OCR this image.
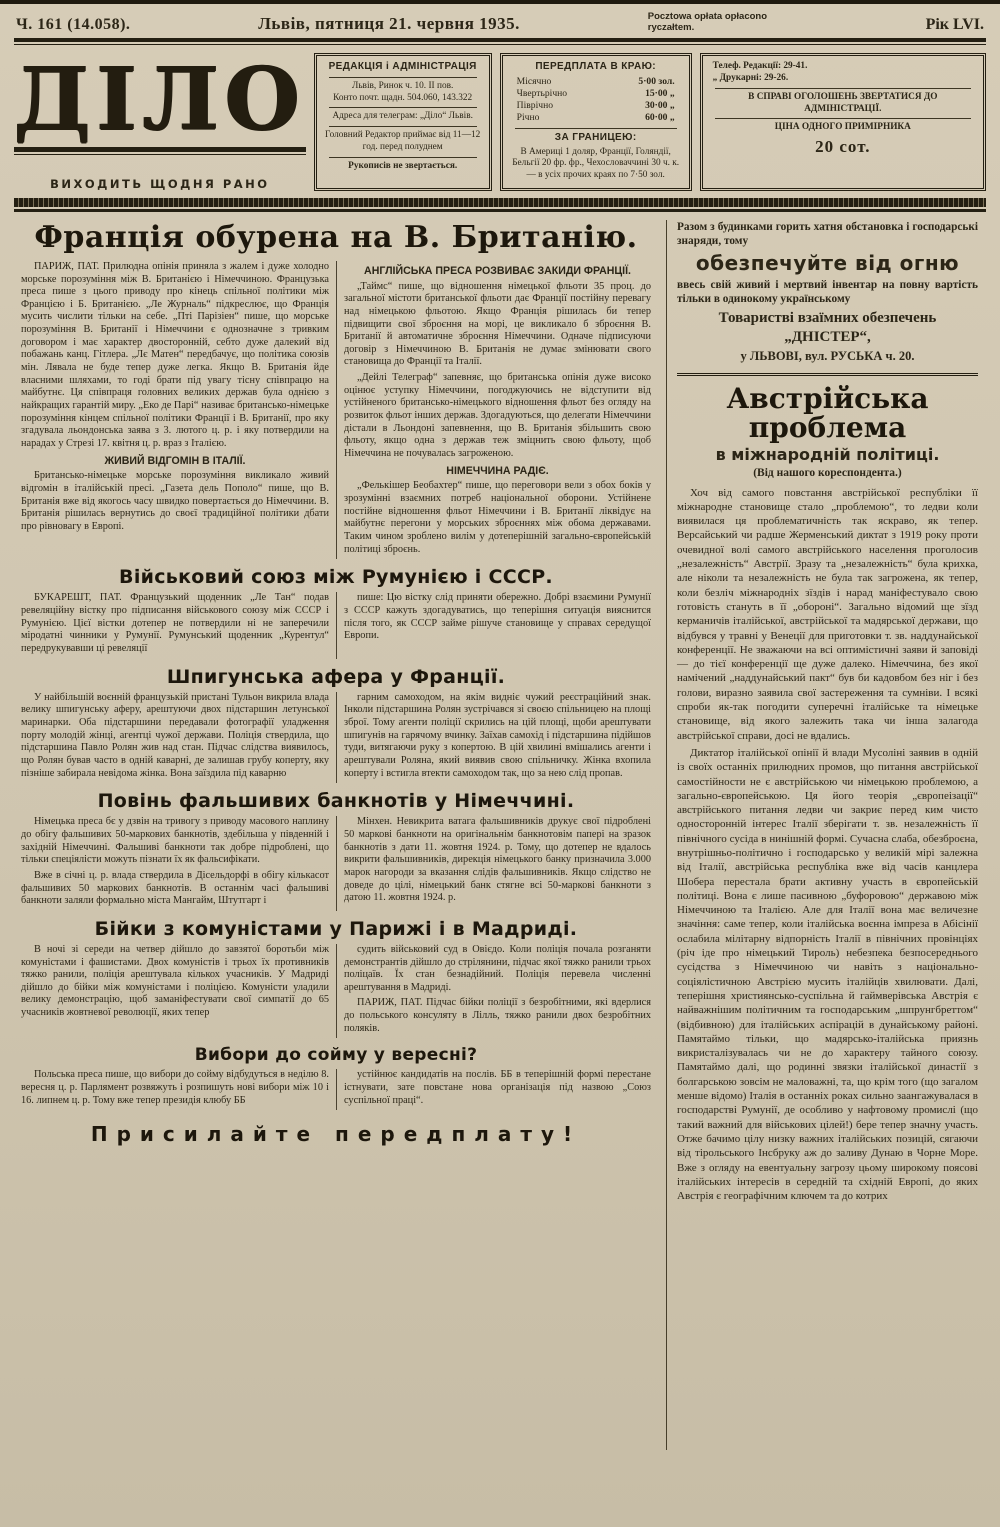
Ч. 161 (14.058).	Львів, пятниця 21. червня 1935.	Pocztowa opłata opłacono ryczałtem.	Рік LVI.
ДІЛО
ВИХОДИТЬ ЩОДНЯ РАНО
РЕДАКЦІЯ і АДМІНІСТРАЦІЯ
Львів, Ринок ч. 10. II пов.
Конто почт. щадн. 504.060, 143.322
Адреса для телеграм: „Діло“ Львів.
Головний Редактор приймає від 11—12 год. перед полуднем
Рукописів не звертається.
ПЕРЕДПЛАТА В КРАЮ:
Місячно	5·00 зол.
Чвертьрічно	15·00 „
Піврічно	30·00 „
Річно	60·00 „
ЗА ГРАНИЦЕЮ:
В Америці 1 доляр, Франції, Голяндії, Бельгії 20 фр. фр., Чехословаччині 30 ч. к. — в усіх прочих краях по 7·50 зол.
Телеф. Редакції: 29-41.
„ Друкарні: 29-26.
В СПРАВІ ОГОЛОШЕНЬ ЗВЕРТАТИСЯ ДО АДМІНІСТРАЦІЇ.
ЦІНА ОДНОГО ПРИМІРНИКА
20 сот.
Франція обурена на В. Британію.

ПАРИЖ, ПАТ. Прилюдна опінія приняла з жалем і дуже холодно морське порозуміння між В. Британією і Німеччиною. Французька преса пише з цього приводу про кінець спільної політики між Францією і Б. Британією. „Ле Журналь“ підкреслює, що Франція мусить числити тільки на себе. „Пті Парізіен“ пише, що морське порозуміння В. Британії і Німеччини є однозначне з тривким договором і має характер двосторонній, себто дуже далекий від побажань канц. Гітлера. „Лє Матен“ передбачує, що політика союзів мін. Лявала не буде тепер дуже легка. Якщо В. Британія йде власними шляхами, то годі брати під увагу тісну співпрацю на майбутнє. Ця співпраця головних великих держав була однією з найкращих гарантій миру. „Еко де Парі“ називає британсько-німецьке порозуміння кінцем спільної політики Франції і В. Британії, про яку згадувала льондонська заява з 3. лютого ц. р. і яку потвердили на нарадах у Стрезі 17. квітня ц. р. враз з Італією.

ЖИВИЙ ВІДГОМІН В ІТАЛІЇ.

Британсько-німецьке морське порозуміння викликало живий відгомін в італійській пресі. „Газета дель Пополо“ пише, що В. Британія вже від якогось часу швидко повертається до Німеччини. В. Британія рішилась вернутись до своєї традиційної політики дбати про рівновагу в Европі.

АНГЛІЙСЬКА ПРЕСА РОЗВИВАЄ ЗАКИДИ ФРАНЦІЇ.

„Таймс“ пише, що відношення німецької фльоти 35 проц. до загальної містоти британської фльоти дає Франції постійну перевагу над німецькою фльотою. Якщо Франція рішилась би тепер підвищити свої зброєння на морі, це викликало б зброєння В. Британії й автоматичне зброєння Німеччини. Одначе підписуючи договір з Німеччиною В. Британія не думає змінювати свого становища до Франції та Італії.

„Дейлі Телеграф“ запевняє, що британська опінія дуже високо оцінює уступку Німеччини, погоджуючись не відступити від устійненого британсько-німецького відношення фльот без огляду на розвиток фльот інших держав. Здогадуються, що делегати Німеччини дістали в Льондоні запевнення, що В. Британія збільшить свою фльоту, якщо одна з держав теж зміцнить свою фльоту, щоб Німеччина не почувалась загроженою.

НІМЕЧЧИНА РАДІЄ.

„Фелькішер Беобахтер“ пише, що переговори вели з обох боків у зрозумінні взаємних потреб національної оборони. Устійнене постійне відношення фльот Німеччини і В. Британії ліквідує на майбутнє перегони у морських зброєннях між обома державами. Таким чином зроблено вилім у дотеперішній загально-європейській політиці зброєнь.

Військовий союз між Румунією і СССР.

БУКАРЕШТ, ПАТ. Французький щоденник „Ле Тан“ подав ревеляційну вістку про підписання військового союзу між СССР і Румунією. Цієї вістки дотепер не потвердили ні не заперечили міродатні чинники у Румунії. Румунський щоденник „Курентул“ передрукувавши ці ревеляції

пише: Цю вістку слід приняти обережно. Добрі взаємини Румунії з СССР кажуть здогадуватись, що теперішня ситуація вияснится після того, як СССР займе рішуче становище у справах середущої Европи.

Шпигунська афера у Франції.

У найбільшій воєнній французькій пристані Тульон викрила влада велику шпигунську аферу, арештуючи двох підстаршин летунської маринарки. Оба підстаршини передавали фотографії уладження порту молодій жінці, агентці чужої держави. Поліція ствердила, що підстаршина Павло Ролян жив над стан. Підчас слідства виявилось, що Ролян бував часто в одній каварні, де залишав грубу коперту, яку пізніше забирала невідома жінка. Вона заїздила під каварню

гарним самоходом, на якім видніє чужий реєстраційний знак. Інколи підстаршина Ролян зустрічався зі своєю спільницею на площі зброї. Тому агенти поліції скрились на цій площі, щоби арештувати шпигунів на гарячому вчинку. Заїхав самохід і підстаршина підійшов туди, витягаючи руку з копертою. В цій хвилині вмішались агенти і арештували Роляна, який виявив свою спільничку. Жінка вхопила коперту і встигла втекти самоходом так, що за нею слід пропав.

Повінь фальшивих банкнотів у Німеччині.

Німецька преса бє у дзвін на тривогу з приводу масового наплину до обігу фальшивих 50-маркових банкнотів, здебільша у південній і західній Німеччині. Фальшиві банкноти так добре підроблені, що тільки спеціялісти можуть пізнати їх як фальсифікати.

Вже в січні ц. р. влада ствердила в Дісельдорфі в обігу кількасот фальшивих 50 маркових банкнотів. В останнім часі фальшиві банкноти заляли формально міста Мангайм, Штутгарт і

Мінхен. Невикрита ватага фальшивників друкує свої підроблені 50 маркові банкноти на оригінальнім банкнотовім папері на зразок банкнотів з дати 11. жовтня 1924. р. Тому, що дотепер не вдалось викрити фальшивників, дирекція німецького банку призначила 3.000 марок нагороди за вказання слідів фальшивників. Якщо слідство не доведе до цілі, німецький банк стягне всі 50-маркові банкноти з датою 11. жовтня 1924. р.

Бійки з комуністами у Парижі і в Мадриді.

В ночі зі середи на четвер дійшло до завзятої боротьби між комуністами і фашистами. Двох комуністів і трьох їх противників тяжко ранили, поліція арештувала кількох учасників. У Мадриді дійшло до бійки між комуністами і поліцією. Комуністи уладили велику демонстрацію, щоб заманіфестувати свої симпатії до 65 учасників жовтневої революції, яких тепер

судить військовий суд в Овієдо. Коли поліція почала розганяти демонстрантів дійшло до стрілянини, підчас якої тяжко ранили трьох поліцаїв. Їх стан безнадійний. Поліція перевела численні арештування в Мадриді.

ПАРИЖ, ПАТ. Підчас бійки поліції з безробітними, які вдерлися до польського консуляту в Лілль, тяжко ранили двох безробітних поляків.

Вибори до сойму у вересні?

Польська преса пише, що вибори до сойму відбудуться в неділю 8. вересня ц. р. Парлямент розвяжуть і розпишуть нові вибори між 10 і 16. липнем ц. р. Тому вже тепер президія клюбу ББ

устійнює кандидатів на послів. ББ в теперішній формі перестане істнувати, зате повстане нова організація під назвою „Союз суспільної праці“.

Присилайте передплату!

Разом з будинками горить хатня обстановка і господарські знаряди, тому

обезпечуйте від огню

ввесь свій живий і мертвий інвентар на повну вартість тільки в одинокому українському

Товаристві взаїмних обезпечень „ДНІСТЕР“,
у ЛЬВОВІ, вул. РУСЬКА ч. 20.
Австрійська проблема
в міжнародній політиці.
(Від нашого кореспондента.)

Хоч від самого повстання австрійської республіки її міжнародне становище стало „проблемою“, то ледви коли виявилася ця проблематичність так яскраво, як тепер. Версайський чи радше Жерменський диктат з 1919 року проти очевидної волі самого австрійського населення проголосив „незалежність“ Австрії. Зразу та „незалежність“ була крихка, але ніколи та незалежність не була так загрожена, як тепер, коли безліч міжнародніх зїздів і нарад маніфестувало свою готовість стануть в її „обороні“. Загально відомий ще зїзд керманичів італійської, австрійської та мадярської держави, що відбувся у травні у Венеції для приготовки т. зв. наддунайської конференції. Не зважаючи на всі оптимістичні заяви й заповіді — до тієї конференції ще дуже далеко. Німеччина, без якої намічений „наддунайський пакт“ був би кадовбом без ніг і без голови, виразно заявила свої застереження та сумніви. І всякі спроби як-так погодити суперечні італійське та німецьке становище, від якого залежить така чи інша залагода австрійської справи, досі не вдались.

Диктатор італійської опінії й влади Мусоліні заявив в одній із своїх останніх прилюдних промов, що питання австрійської самостійности не є австрійською чи німецькою проблемою, а загально-європейською. Ця його теорія „європеізації“ австрійського питання ледви чи закриє перед ким чисто односторонній інтерес Італії зберігати т. зв. незалежність її північного сусіда в нинішній формі. Сучасна слаба, обезброєна, внутрішньо-політично і господарсько у великій мірі залежна від Італії, австрійська республіка вже від часів канцлера Шобера перестала брати активну участь в європейській політиці. Вона є лише пасивною „буфоровою“ державою між Німеччиною та Італією. Але для Італії вона має величезне значіння: саме тепер, коли італійська воєнна імпреза в Абісінії ослабила мілітарну відпорність Італії в північних провінціях (річ іде про німецький Тироль) небезпека безпосереднього сусідства з Німеччиною чи навіть з національно-соціялістичною Австрією мусить італійців хвилювати. Далі, теперішня християнсько-суспільна й гаймверівська Австрія є найважнішим політичним та господарським „шпрунгбреттом“ (відбивною) для італійських аспірацій в дунайському районі. Памятаймо тільки, що мадярсько-італійська приязнь викристалізувалась чи не до характеру тайного союзу. Памятаймо далі, що родинні звязки італійської династії з болгарською зовсім не маловажні, та, що крім того (що загалом менше відомо) Італія в останніх роках сильно заангажувалася в господарстві Румунії, де особливо у нафтовому промислі (що такий важний для військових цілей!) бере тепер значну участь. Отже бачимо цілу низку важних італійських позицій, сягаючи від тірольського Інсбруку аж до заливу Дунаю в Чорне Море. Вже з огляду на евентуальну загрозу цьому широкому поясові італійських інтересів в середній та східній Европі, до яких Австрія є географічним ключем та до котрих
